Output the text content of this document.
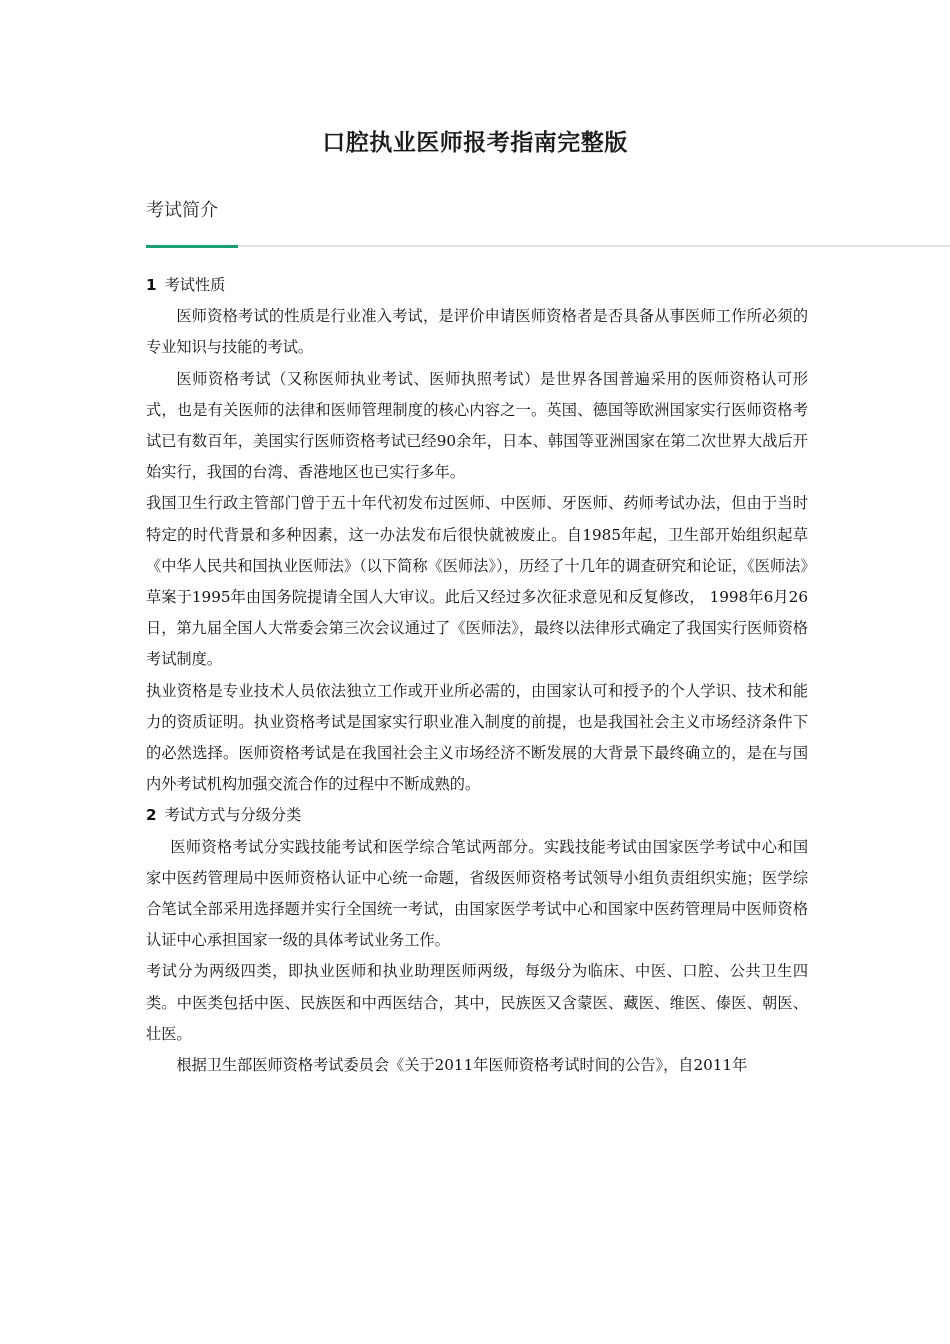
口腔执业医师报考指南完整版
考试简介

1 考试性质

医师资格考试的性质是行业准入考试，是评价申请医师资格者是否具备从事医师工作所必须的专业知识与技能的考试。

医师资格考试（又称医师执业考试、医师执照考试）是世界各国普遍采用的医师资格认可形式，也是有关医师的法律和医师管理制度的核心内容之一。英国、德国等欧洲国家实行医师资格考试已有数百年，美国实行医师资格考试已经90余年，日本、韩国等亚洲国家在第二次世界大战后开始实行，我国的台湾、香港地区也已实行多年。

我国卫生行政主管部门曾于五十年代初发布过医师、中医师、牙医师、药师考试办法，但由于当时特定的时代背景和多种因素，这一办法发布后很快就被废止。自1985年起，卫生部开始组织起草《中华人民共和国执业医师法》（以下简称《医师法》），历经了十几年的调查研究和论证，《医师法》草案于1995年由国务院提请全国人大审议。此后又经过多次征求意见和反复修改， 1998年6月26日，第九届全国人大常委会第三次会议通过了《医师法》，最终以法律形式确定了我国实行医师资格考试制度。

执业资格是专业技术人员依法独立工作或开业所必需的，由国家认可和授予的个人学识、技术和能力的资质证明。执业资格考试是国家实行职业准入制度的前提，也是我国社会主义市场经济条件下的必然选择。医师资格考试是在我国社会主义市场经济不断发展的大背景下最终确立的，是在与国内外考试机构加强交流合作的过程中不断成熟的。

2 考试方式与分级分类

医师资格考试分实践技能考试和医学综合笔试两部分。实践技能考试由国家医学考试中心和国家中医药管理局中医师资格认证中心统一命题，省级医师资格考试领导小组负责组织实施；医学综合笔试全部采用选择题并实行全国统一考试，由国家医学考试中心和国家中医药管理局中医师资格认证中心承担国家一级的具体考试业务工作。

考试分为两级四类，即执业医师和执业助理医师两级，每级分为临床、中医、口腔、公共卫生四类。中医类包括中医、民族医和中西医结合，其中，民族医又含蒙医、藏医、维医、傣医、朝医、壮医。

根据卫生部医师资格考试委员会《关于2011年医师资格考试时间的公告》，自2011年
